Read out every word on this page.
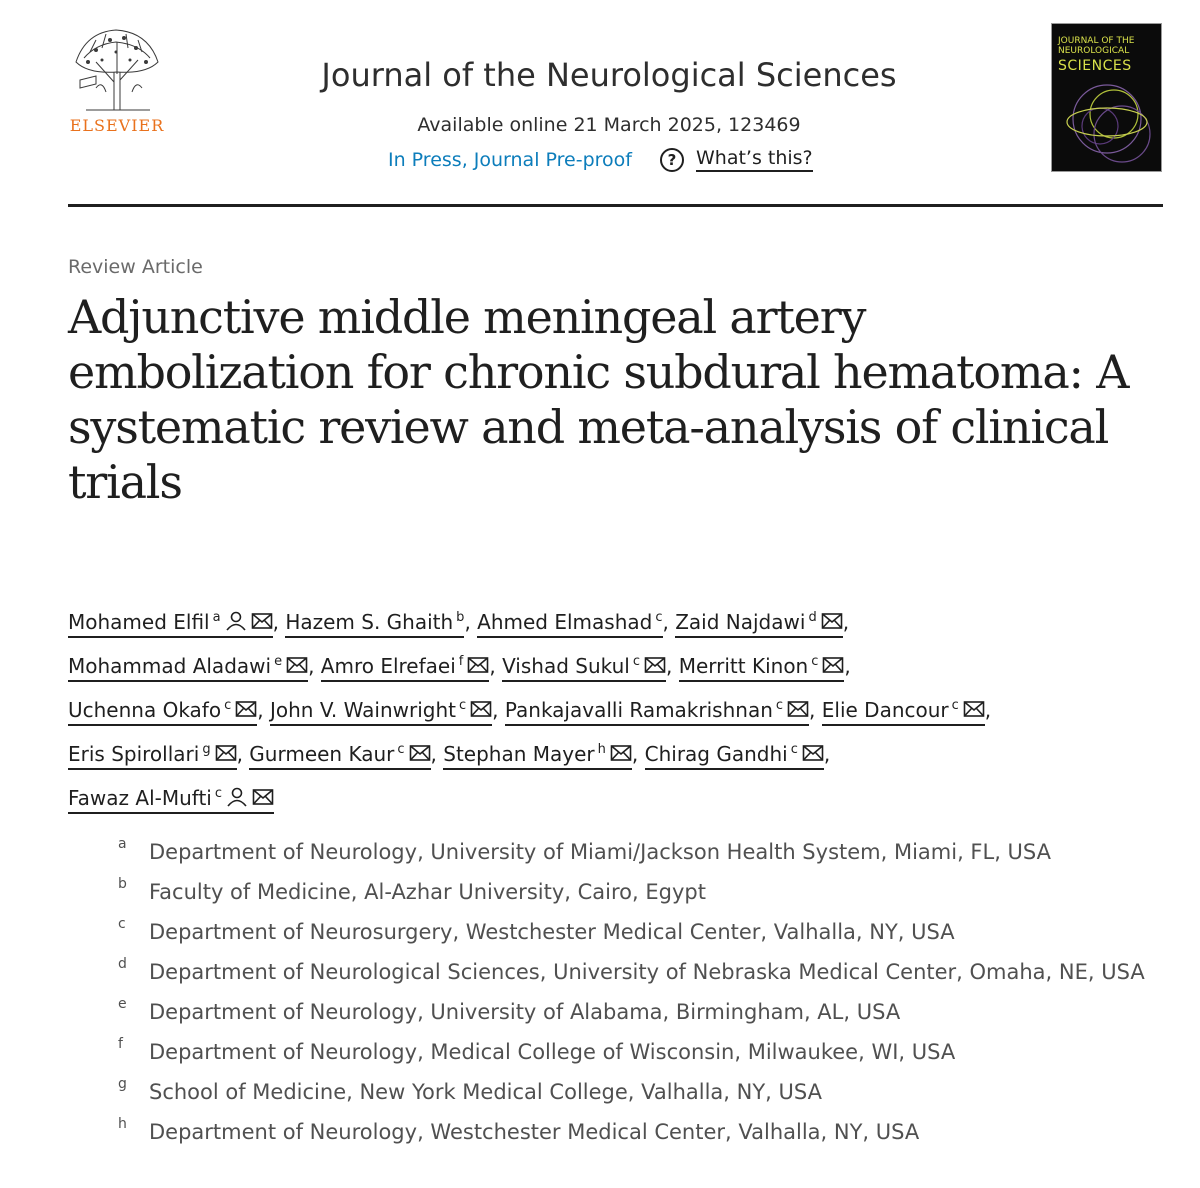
ELSEVIER
Journal of the Neurological Sciences
Available online 21 March 2025, 123469
In Press, Journal Pre-proof	?	What’s this?
JOURNAL OF THE
NEUROLOGICAL
SCIENCES
Review Article
Adjunctive middle meningeal artery embolization for chronic subdural hematoma: A systematic review and meta-analysis of clinical trials
Mohamed Elfil $^a$	, Hazem S. Ghaith $^b$, Ahmed Elmashad $^c$, Zaid Najdawi $^d$ ,
Mohammad Aladawi $^e$ , Amro Elrefaei $^f$ , Vishad Sukul $^c$ , Merritt Kinon $^c$ ,
Uchenna Okafo $^c$ , John V. Wainwright $^c$ , Pankajavalli Ramakrishnan $^c$ , Elie Dancour $^c$ ,
Eris Spirollari $^g$ , Gurmeen Kaur $^c$ , Stephan Mayer $^h$ , Chirag Gandhi $^c$ ,
Fawaz Al-Mufti $^c$
a	Department of Neurology, University of Miami/Jackson Health System, Miami, FL, USA
b	Faculty of Medicine, Al-Azhar University, Cairo, Egypt
c	Department of Neurosurgery, Westchester Medical Center, Valhalla, NY, USA
d	Department of Neurological Sciences, University of Nebraska Medical Center, Omaha, NE, USA
e	Department of Neurology, University of Alabama, Birmingham, AL, USA
f	Department of Neurology, Medical College of Wisconsin, Milwaukee, WI, USA
g	School of Medicine, New York Medical College, Valhalla, NY, USA
h	Department of Neurology, Westchester Medical Center, Valhalla, NY, USA
